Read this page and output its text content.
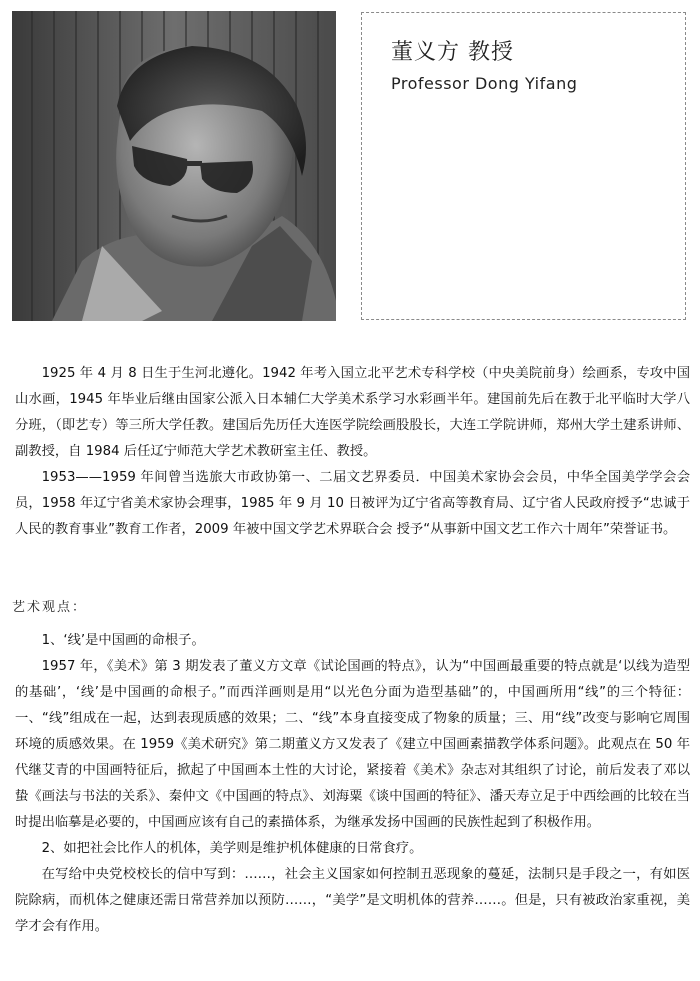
董义方 教授
Professor Dong Yifang

1925 年 4 月 8 日生于生河北遵化。1942 年考入国立北平艺术专科学校（中央美院前身）绘画系，专攻中国山水画，1945 年毕业后继由国家公派入日本辅仁大学美术系学习水彩画半年。建国前先后在教于北平临时大学八分班，（即艺专）等三所大学任教。建国后先历任大连医学院绘画股股长，大连工学院讲师，郑州大学土建系讲师、副教授，自 1984 后任辽宁师范大学艺术教研室主任、教授。

1953——1959 年间曾当选旅大市政协第一、二届文艺界委员．中国美术家协会会员，中华全国美学学会会员，1958 年辽宁省美术家协会理事，1985 年 9 月 10 日被评为辽宁省高等教育局、辽宁省人民政府授予“忠诚于人民的教育事业”教育工作者，2009 年被中国文学艺术界联合会 授予“从事新中国文艺工作六十周年”荣誉证书。

艺术观点：

1、‘线’是中国画的命根子。

1957 年，《美术》第 3 期发表了董义方文章《试论国画的特点》，认为“中国画最重要的特点就是‘以线为造型的基础’，‘线’是中国画的命根子。”而西洋画则是用“以光色分面为造型基础”的，中国画所用“线”的三个特征：一、“线”组成在一起，达到表现质感的效果；二、“线”本身直接变成了物象的质量；三、用“线”改变与影响它周围环境的质感效果。在 1959《美术研究》第二期董义方又发表了《建立中国画素描教学体系问题》。此观点在 50 年代继艾青的中国画特征后，掀起了中国画本土性的大讨论，紧接着《美术》杂志对其组织了讨论，前后发表了邓以蛰《画法与书法的关系》、秦仲文《中国画的特点》、刘海粟《谈中国画的特征》、潘天寿立足于中西绘画的比较在当时提出临摹是必要的，中国画应该有自己的素描体系，为继承发扬中国画的民族性起到了积极作用。

2、如把社会比作人的机体，美学则是维护机体健康的日常食疗。

在写给中央党校校长的信中写到：……，社会主义国家如何控制丑恶现象的蔓延，法制只是手段之一，有如医院除病，而机体之健康还需日常营养加以预防……，“美学”是文明机体的营养……。但是，只有被政治家重视，美学才会有作用。
